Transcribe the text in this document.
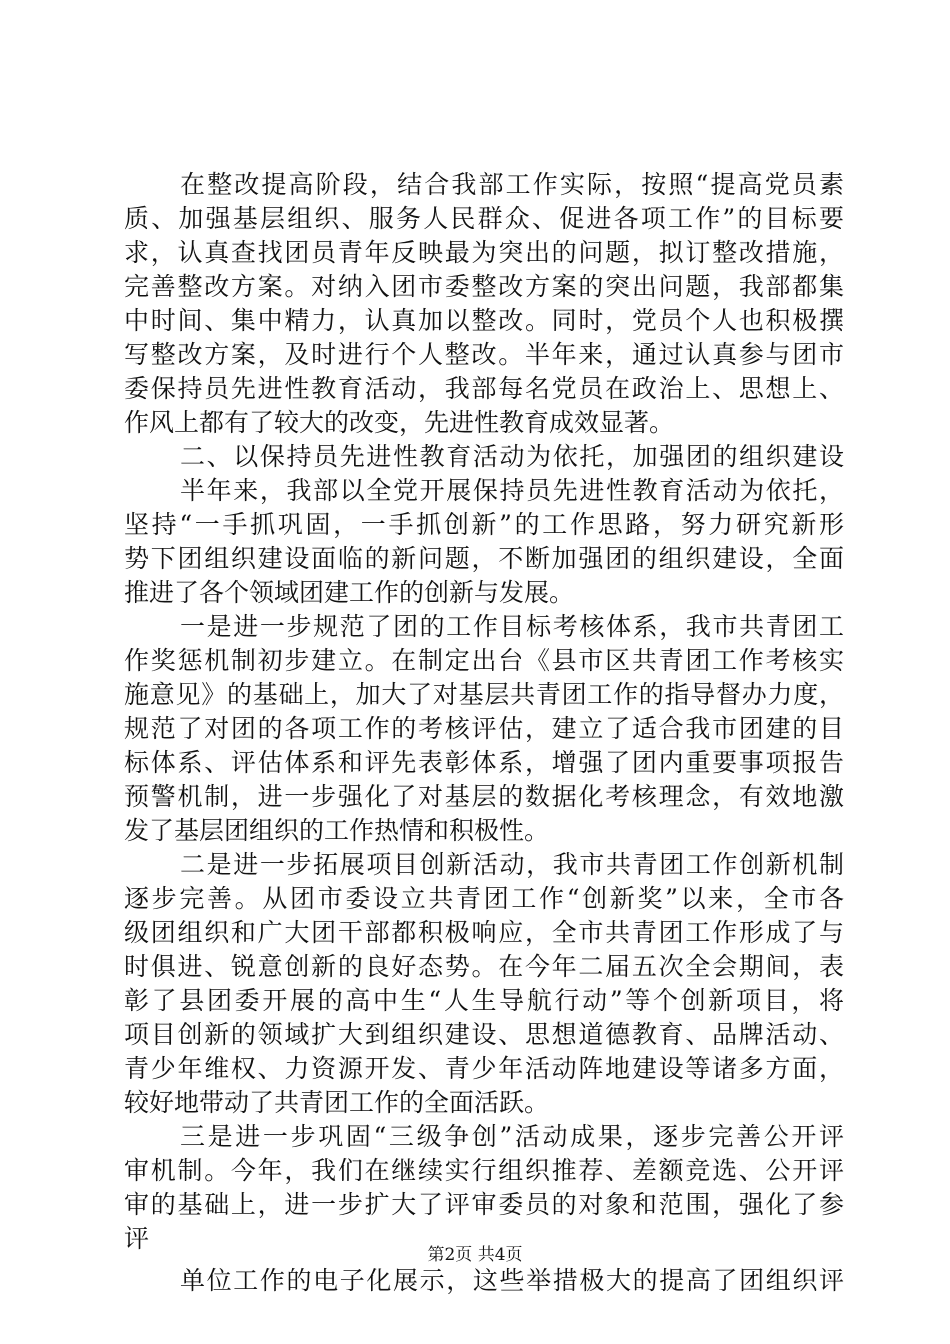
在整改提高阶段，结合我部工作实际，按照“提高党员素
质、加强基层组织、服务人民群众、促进各项工作”的目标要
求，认真查找团员青年反映最为突出的问题，拟订整改措施，
完善整改方案。对纳入团市委整改方案的突出问题，我部都集
中时间、集中精力，认真加以整改。同时，党员个人也积极撰
写整改方案，及时进行个人整改。半年来，通过认真参与团市
委保持员先进性教育活动，我部每名党员在政治上、思想上、
作风上都有了较大的改变，先进性教育成效显著。
二、以保持员先进性教育活动为依托，加强团的组织建设
半年来，我部以全党开展保持员先进性教育活动为依托，
坚持“一手抓巩固，一手抓创新”的工作思路，努力研究新形
势下团组织建设面临的新问题，不断加强团的组织建设，全面
推进了各个领域团建工作的创新与发展。
一是进一步规范了团的工作目标考核体系，我市共青团工
作奖惩机制初步建立。在制定出台《县市区共青团工作考核实
施意见》的基础上，加大了对基层共青团工作的指导督办力度，
规范了对团的各项工作的考核评估，建立了适合我市团建的目
标体系、评估体系和评先表彰体系，增强了团内重要事项报告
预警机制，进一步强化了对基层的数据化考核理念，有效地激
发了基层团组织的工作热情和积极性。
二是进一步拓展项目创新活动，我市共青团工作创新机制
逐步完善。从团市委设立共青团工作“创新奖”以来，全市各
级团组织和广大团干部都积极响应，全市共青团工作形成了与
时俱进、锐意创新的良好态势。在今年二届五次全会期间，表
彰了县团委开展的高中生“人生导航行动”等个创新项目，将
项目创新的领域扩大到组织建设、思想道德教育、品牌活动、
青少年维权、力资源开发、青少年活动阵地建设等诸多方面，
较好地带动了共青团工作的全面活跃。
三是进一步巩固“三级争创”活动成果，逐步完善公开评
审机制。今年，我们在继续实行组织推荐、差额竞选、公开评
审的基础上，进一步扩大了评审委员的对象和范围，强化了参
评
单位工作的电子化展示，这些举措极大的提高了团组织评
第2页 共4页
